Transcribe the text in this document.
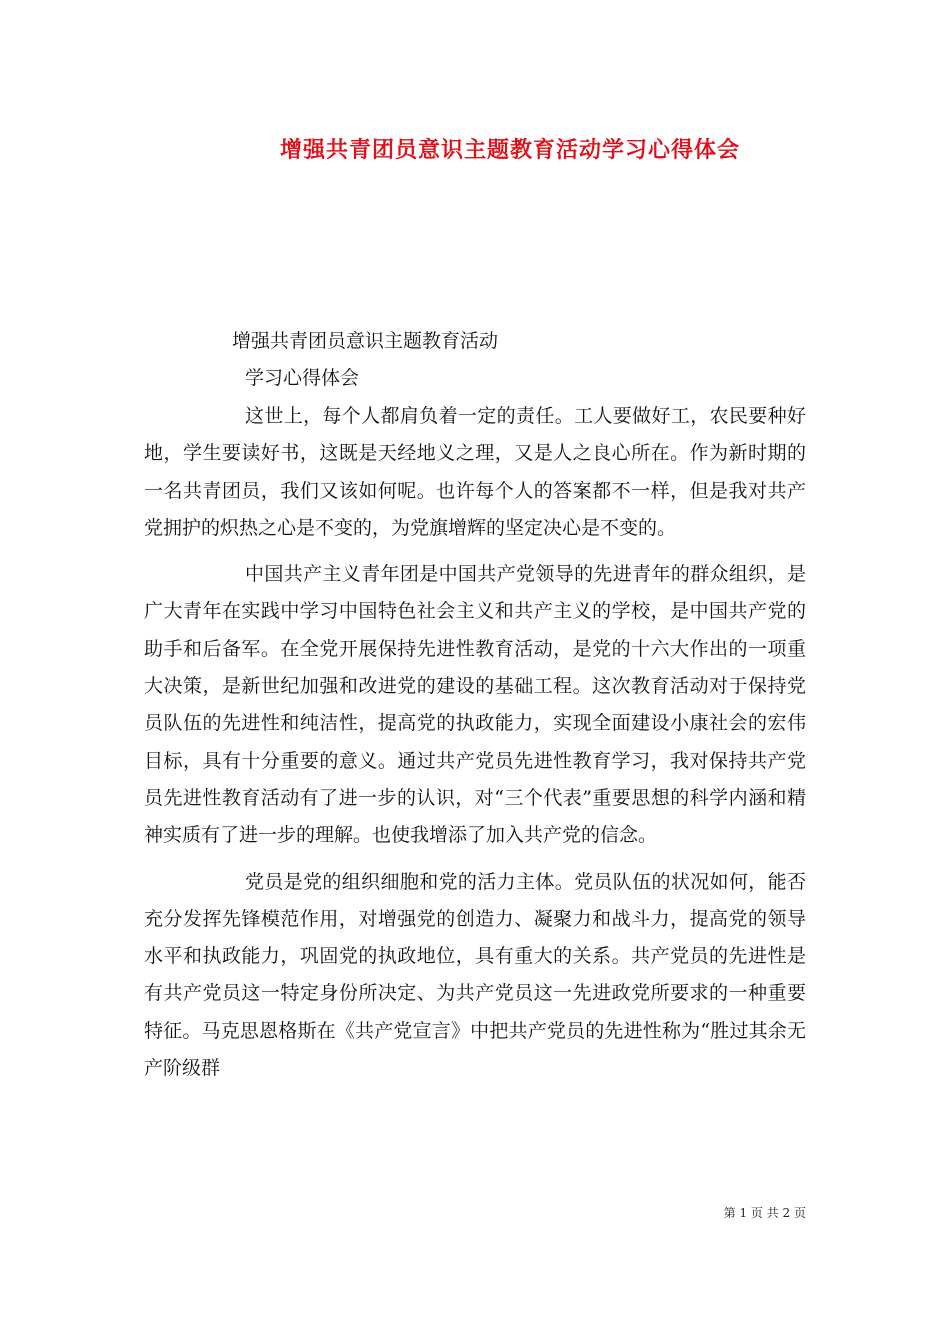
增强共青团员意识主题教育活动学习心得体会
增强共青团员意识主题教育活动
学习心得体会

这世上，每个人都肩负着一定的责任。工人要做好工，农民要种好地，学生要读好书，这既是天经地义之理，又是人之良心所在。作为新时期的一名共青团员，我们又该如何呢。也许每个人的答案都不一样，但是我对共产党拥护的炽热之心是不变的，为党旗增辉的坚定决心是不变的。

中国共产主义青年团是中国共产党领导的先进青年的群众组织，是广大青年在实践中学习中国特色社会主义和共产主义的学校，是中国共产党的助手和后备军。在全党开展保持先进性教育活动，是党的十六大作出的一项重大决策，是新世纪加强和改进党的建设的基础工程。这次教育活动对于保持党员队伍的先进性和纯洁性，提高党的执政能力，实现全面建设小康社会的宏伟目标，具有十分重要的意义。通过共产党员先进性教育学习，我对保持共产党员先进性教育活动有了进一步的认识，对“三个代表”重要思想的科学内涵和精神实质有了进一步的理解。也使我增添了加入共产党的信念。

党员是党的组织细胞和党的活力主体。党员队伍的状况如何，能否充分发挥先锋模范作用，对增强党的创造力、凝聚力和战斗力，提高党的领导水平和执政能力，巩固党的执政地位，具有重大的关系。共产党员的先进性是有共产党员这一特定身份所决定、为共产党员这一先进政党所要求的一种重要特征。马克思恩格斯在《共产党宣言》中把共产党员的先进性称为“胜过其余无产阶级群

第 1 页 共 2 页
